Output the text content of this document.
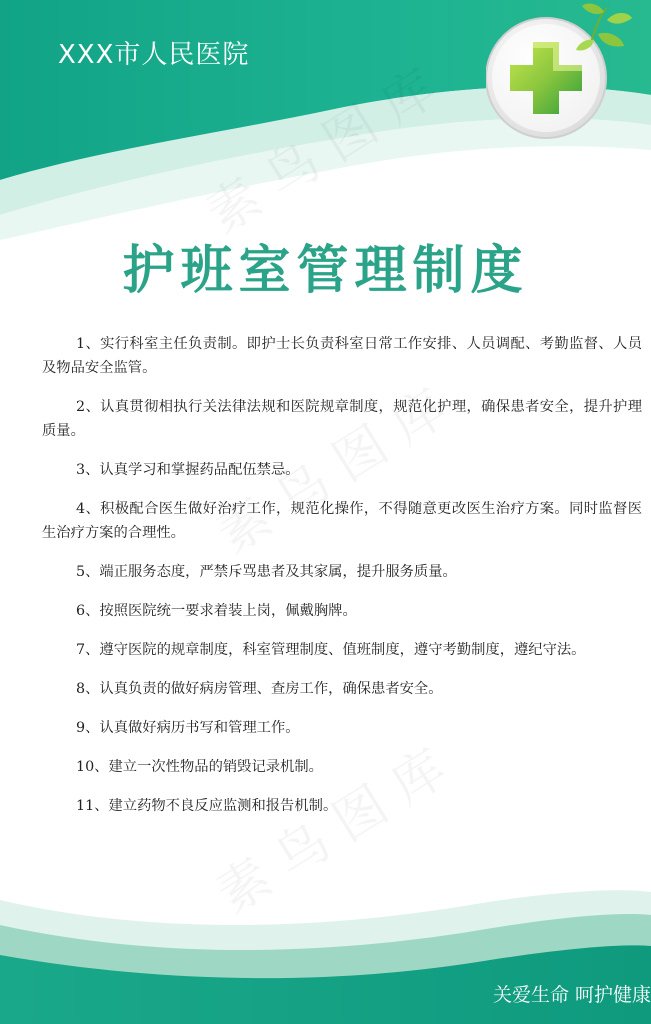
XXX市人民医院
护班室管理制度

1、实行科室主任负责制。即护士长负责科室日常工作安排、人员调配、考勤监督、人员及物品安全监管。

2、认真贯彻相执行关法律法规和医院规章制度，规范化护理，确保患者安全，提升护理质量。

3、认真学习和掌握药品配伍禁忌。

4、积极配合医生做好治疗工作，规范化操作，不得随意更改医生治疗方案。同时监督医生治疗方案的合理性。

5、端正服务态度，严禁斥骂患者及其家属，提升服务质量。

6、按照医院统一要求着装上岗，佩戴胸牌。

7、遵守医院的规章制度，科室管理制度、值班制度，遵守考勤制度，遵纪守法。

8、认真负责的做好病房管理、查房工作，确保患者安全。

9、认真做好病历书写和管理工作。

10、建立一次性物品的销毁记录机制。

11、建立药物不良反应监测和报告机制。

关爱生命 呵护健康
